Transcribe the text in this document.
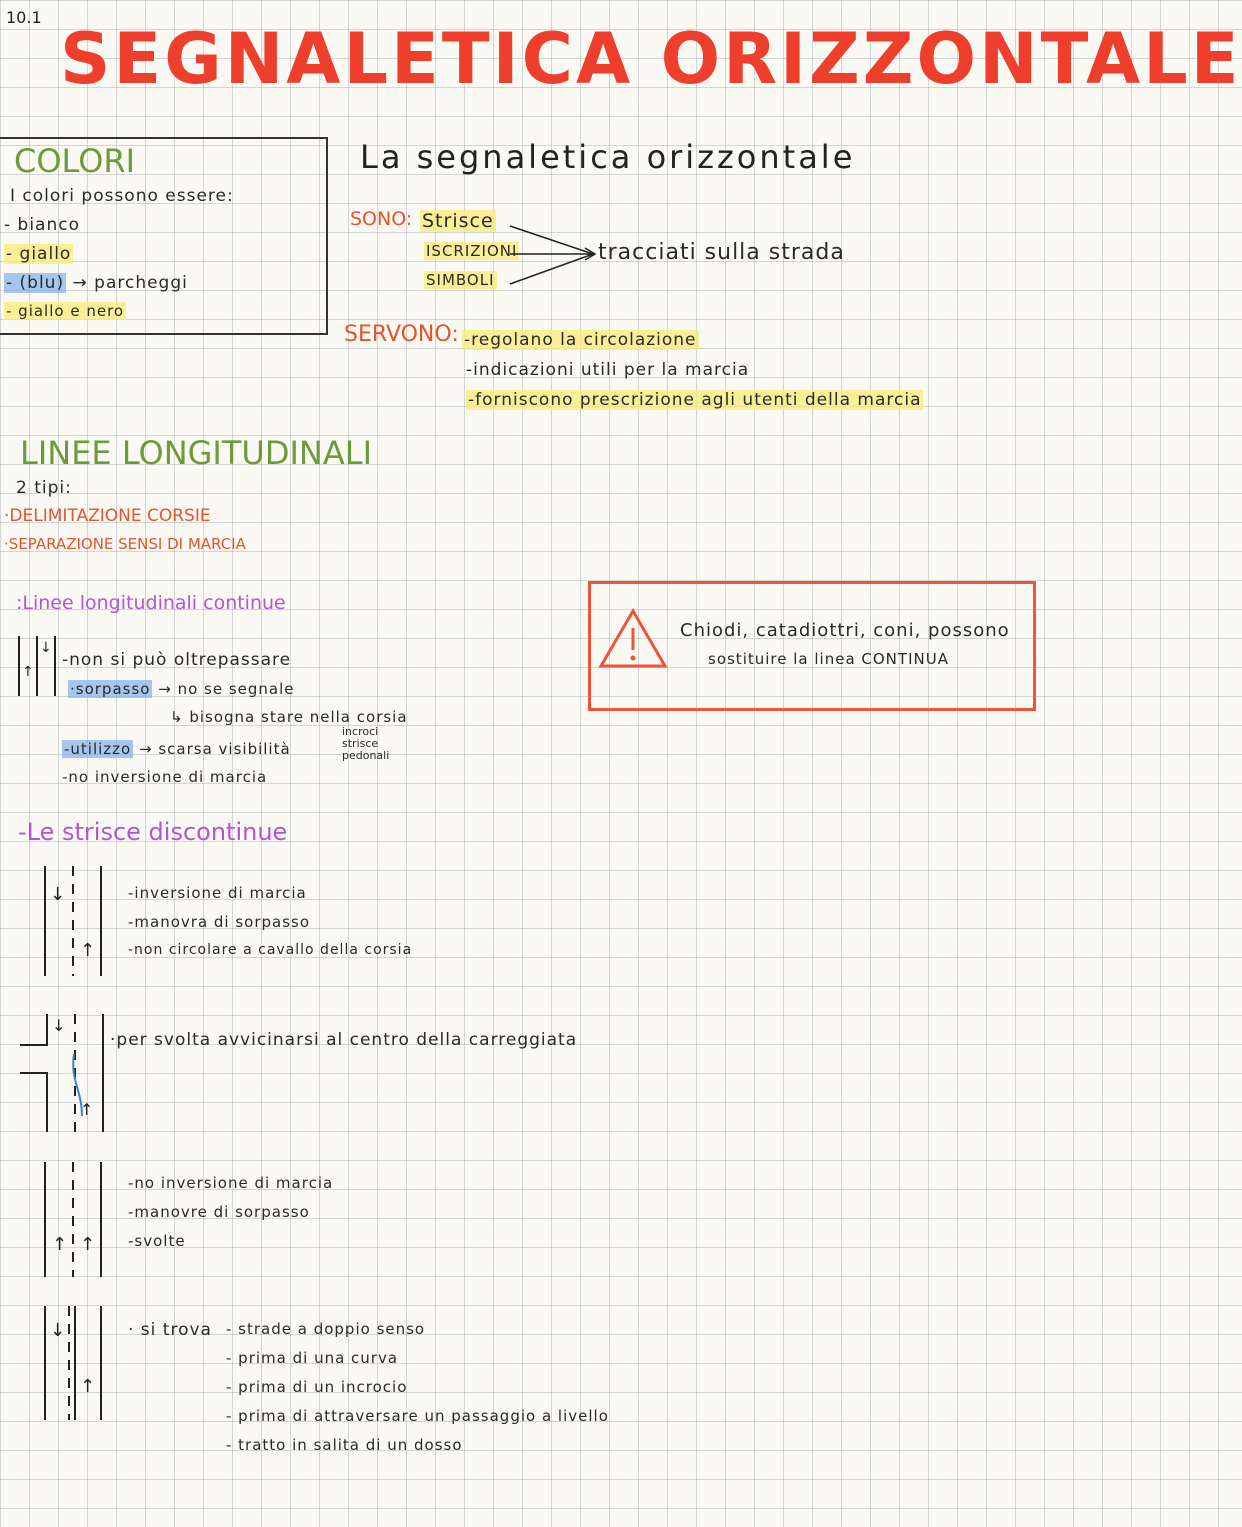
10.1
SEGNALETICA ORIZZONTALE
COLORI
I colori possono essere:
- bianco
- giallo
- (blu) → parcheggi
- giallo e nero
La segnaletica orizzontale
SONO: Strisce
ISCRIZIONI
SIMBOLI
tracciati sulla strada
SERVONO: -regolano la circolazione
-indicazioni utili per la marcia
-forniscono prescrizione agli utenti della marcia
LINEE LONGITUDINALI
2 tipi:
·DELIMITAZIONE CORSIE
·SEPARAZIONE SENSI DI MARCIA
:Linee longitudinali continue
↑
↓
-non si può oltrepassare
·sorpasso → no se segnale
↳ bisogna stare nella corsia
-utilizzo → scarsa visibilità
incroci
strisce
pedonali
-no inversione di marcia
Chiodi, catadiottri, coni, possono
sostituire la linea CONTINUA
-Le strisce discontinue
↓
↑
-inversione di marcia
-manovra di sorpasso
-non circolare a cavallo della corsia
↓
↑
·per svolta avvicinarsi al centro della carreggiata
↑ ↑
-no inversione di marcia
-manovre di sorpasso
-svolte
↓
↑
· si trova - strade a doppio senso
- prima di una curva
- prima di un incrocio
- prima di attraversare un passaggio a livello
- tratto in salita di un dosso
